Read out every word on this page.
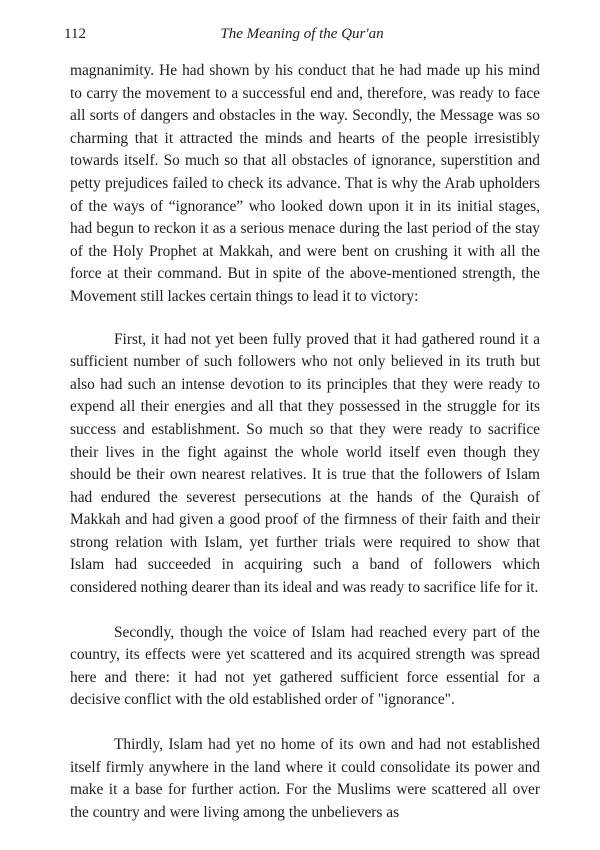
112	The Meaning of the Qur'an

magnanimity. He had shown by his conduct that he had made up his mind to carry the movement to a successful end and, therefore, was ready to face all sorts of dangers and obstacles in the way. Secondly, the Message was so charming that it attracted the minds and hearts of the people irresistibly towards itself. So much so that all obstacles of ignorance, superstition and petty prejudices failed to check its advance. That is why the Arab upholders of the ways of “ignorance” who looked down upon it in its initial stages, had begun to reckon it as a serious menace during the last period of the stay of the Holy Prophet at Makkah, and were bent on crushing it with all the force at their command. But in spite of the above-mentioned strength, the Movement still lackes certain things to lead it to victory:

First, it had not yet been fully proved that it had gathered round it a sufficient number of such followers who not only believed in its truth but also had such an intense devotion to its principles that they were ready to expend all their energies and all that they possessed in the struggle for its success and establishment. So much so that they were ready to sacrifice their lives in the fight against the whole world itself even though they should be their own nearest relatives. It is true that the followers of Islam had endured the severest persecutions at the hands of the Quraish of Makkah and had given a good proof of the firmness of their faith and their strong relation with Islam, yet further trials were required to show that Islam had succeeded in acquiring such a band of followers which considered nothing dearer than its ideal and was ready to sacrifice life for it.

Secondly, though the voice of Islam had reached every part of the country, its effects were yet scattered and its acquired strength was spread here and there: it had not yet gathered sufficient force essential for a decisive conflict with the old established order of "ignorance".

Thirdly, Islam had yet no home of its own and had not established itself firmly anywhere in the land where it could consolidate its power and make it a base for further action. For the Muslims were scattered all over the country and were living among the unbelievers as
